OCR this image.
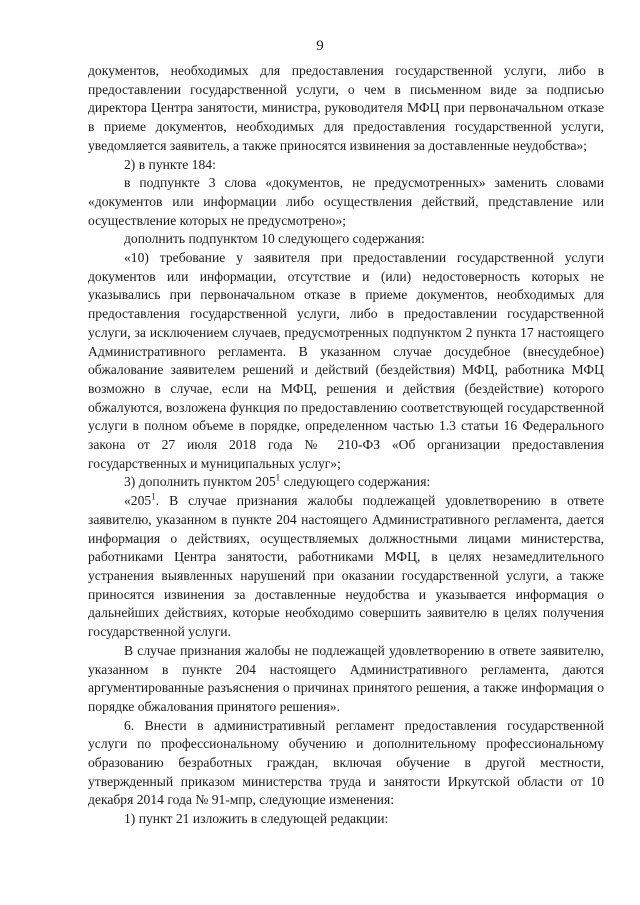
9

документов, необходимых для предоставления государственной услуги, либо в предоставлении государственной услуги, о чем в письменном виде за подписью директора Центра занятости, министра, руководителя МФЦ при первоначальном отказе в приеме документов, необходимых для предоставления государственной услуги, уведомляется заявитель, а также приносятся извинения за доставленные неудобства»;

2) в пункте 184:

в подпункте 3 слова «документов, не предусмотренных» заменить словами «документов или информации либо осуществления действий, представление или осуществление которых не предусмотрено»;

дополнить подпунктом 10 следующего содержания:

«10) требование у заявителя при предоставлении государственной услуги документов или информации, отсутствие и (или) недостоверность которых не указывались при первоначальном отказе в приеме документов, необходимых для предоставления государственной услуги, либо в предоставлении государственной услуги, за исключением случаев, предусмотренных подпунктом 2 пункта 17 настоящего Административного регламента. В указанном случае досудебное (внесудебное) обжалование заявителем решений и действий (бездействия) МФЦ, работника МФЦ возможно в случае, если на МФЦ, решения и действия (бездействие) которого обжалуются, возложена функция по предоставлению соответствующей государственной услуги в полном объеме в порядке, определенном частью 1.3 статьи 16 Федерального закона от 27 июля 2018 года № 210-ФЗ «Об организации предоставления государственных и муниципальных услуг»;

3) дополнить пунктом $205^1$ следующего содержания:

«$205^1$. В случае признания жалобы подлежащей удовлетворению в ответе заявителю, указанном в пункте 204 настоящего Административного регламента, дается информация о действиях, осуществляемых должностными лицами министерства, работниками Центра занятости, работниками МФЦ, в целях незамедлительного устранения выявленных нарушений при оказании государственной услуги, а также приносятся извинения за доставленные неудобства и указывается информация о дальнейших действиях, которые необходимо совершить заявителю в целях получения государственной услуги.

В случае признания жалобы не подлежащей удовлетворению в ответе заявителю, указанном в пункте 204 настоящего Административного регламента, даются аргументированные разъяснения о причинах принятого решения, а также информация о порядке обжалования принятого решения».

6. Внести в административный регламент предоставления государственной услуги по профессиональному обучению и дополнительному профессиональному образованию безработных граждан, включая обучение в другой местности, утвержденный приказом министерства труда и занятости Иркутской области от 10 декабря 2014 года № 91-мпр, следующие изменения:

1) пункт 21 изложить в следующей редакции:
